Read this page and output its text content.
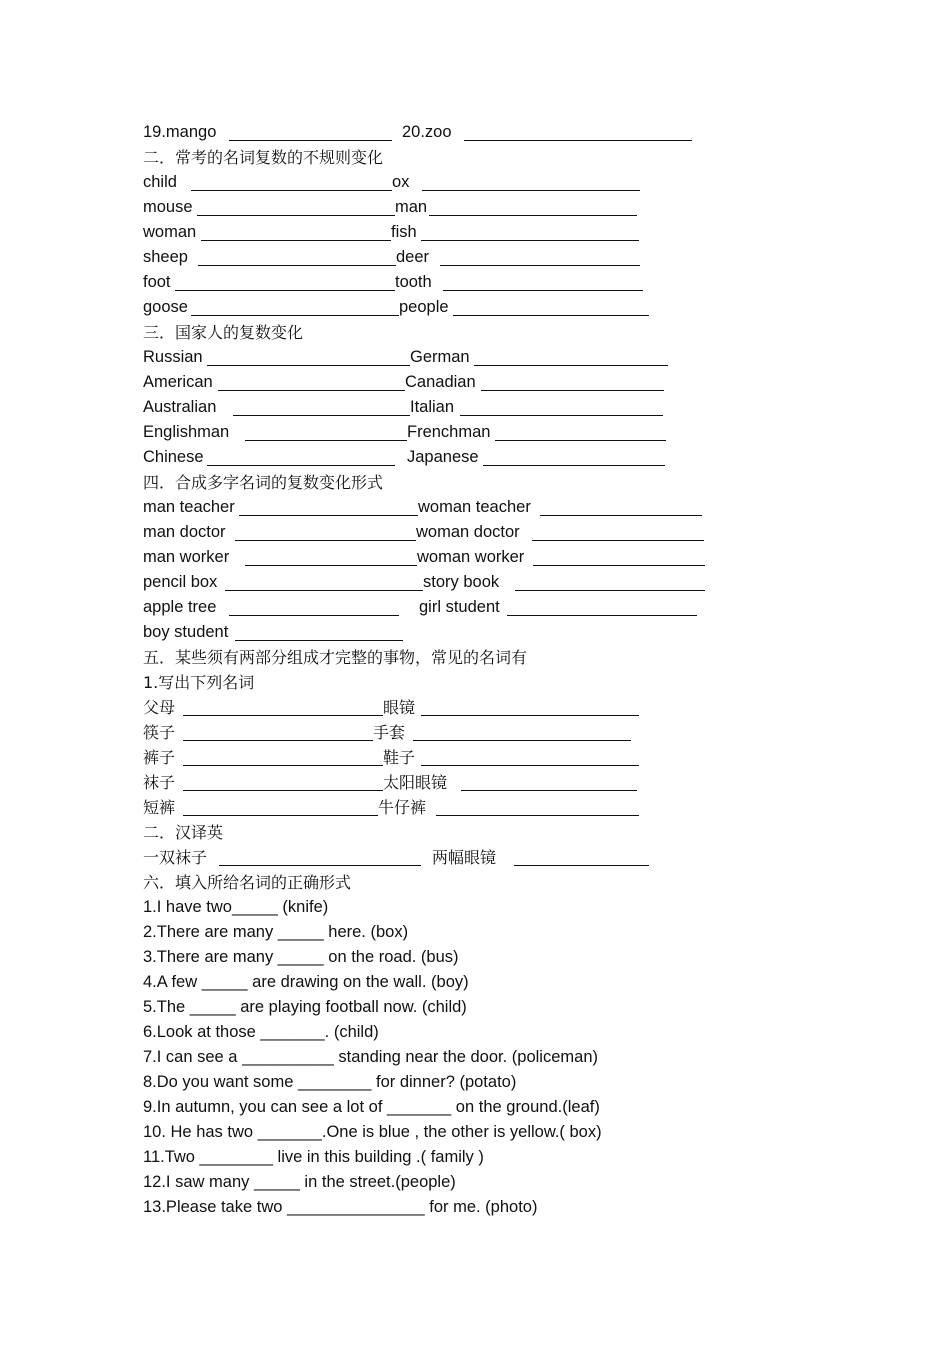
19.mango	20.zoo
二．常考的名词复数的不规则变化
child	ox
mouse	man
woman	fish
sheep	deer
foot	tooth
goose	people
三．国家人的复数变化
Russian	German
American	Canadian
Australian	Italian
Englishman	Frenchman
Chinese	Japanese
四．合成多字名词的复数变化形式
man teacher	woman teacher
man doctor	woman doctor
man worker	woman worker
pencil box	story book
apple tree	girl student
boy student
五．某些须有两部分组成才完整的事物，常见的名词有
1.写出下列名词
父母	眼镜
筷子	手套
裤子	鞋子
袜子	太阳眼镜
短裤	牛仔裤
二．汉译英
一双袜子	两幅眼镜
六．填入所给名词的正确形式
1.I have two_____ (knife)
2.There are many _____ here. (box)
3.There are many _____ on the road. (bus)
4.A few _____ are drawing on the wall. (boy)
5.The _____ are playing football now. (child)
6.Look at those _______. (child)
7.I can see a __________ standing near the door. (policeman)
8.Do you want some ________ for dinner? (potato)
9.In autumn, you can see a lot of _______ on the ground.(leaf)
10. He has two _______.One is blue , the other is yellow.( box)
11.Two ________ live in this building .( family )
12.I saw many _____ in the street.(people)
13.Please take two _______________ for me. (photo)
